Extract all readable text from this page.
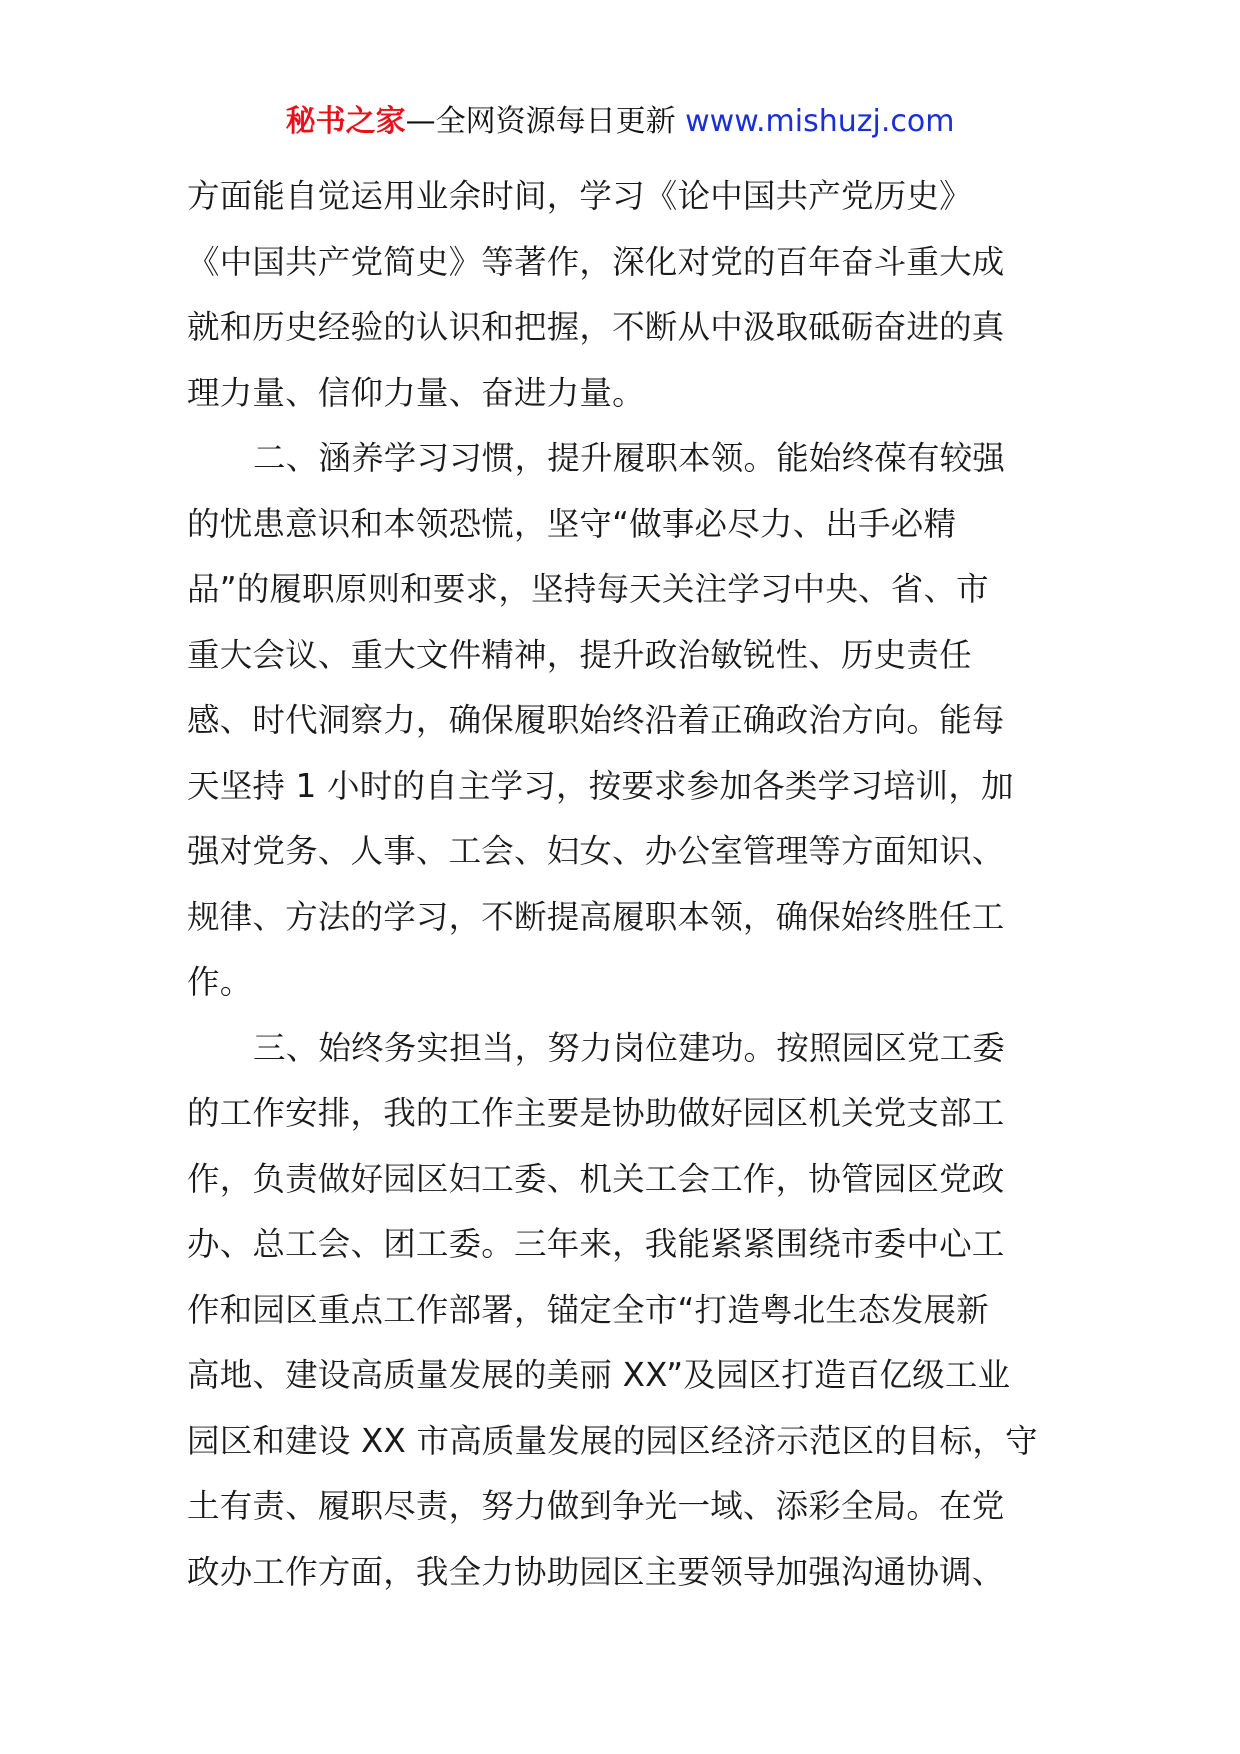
秘书之家—全网资源每日更新 www.mishuzj.com
方面能自觉运用业余时间，学习《论中国共产党历史》
《中国共产党简史》等著作，深化对党的百年奋斗重大成
就和历史经验的认识和把握，不断从中汲取砥砺奋进的真
理力量、信仰力量、奋进力量。
二、涵养学习习惯，提升履职本领。能始终葆有较强
的忧患意识和本领恐慌，坚守“做事必尽力、出手必精
品”的履职原则和要求，坚持每天关注学习中央、省、市
重大会议、重大文件精神，提升政治敏锐性、历史责任
感、时代洞察力，确保履职始终沿着正确政治方向。能每
天坚持 1 小时的自主学习，按要求参加各类学习培训，加
强对党务、人事、工会、妇女、办公室管理等方面知识、
规律、方法的学习，不断提高履职本领，确保始终胜任工
作。
三、始终务实担当，努力岗位建功。按照园区党工委
的工作安排，我的工作主要是协助做好园区机关党支部工
作，负责做好园区妇工委、机关工会工作，协管园区党政
办、总工会、团工委。三年来，我能紧紧围绕市委中心工
作和园区重点工作部署，锚定全市“打造粤北生态发展新
高地、建设高质量发展的美丽 XX”及园区打造百亿级工业
园区和建设 XX 市高质量发展的园区经济示范区的目标，守
土有责、履职尽责，努力做到争光一域、添彩全局。在党
政办工作方面，我全力协助园区主要领导加强沟通协调、
